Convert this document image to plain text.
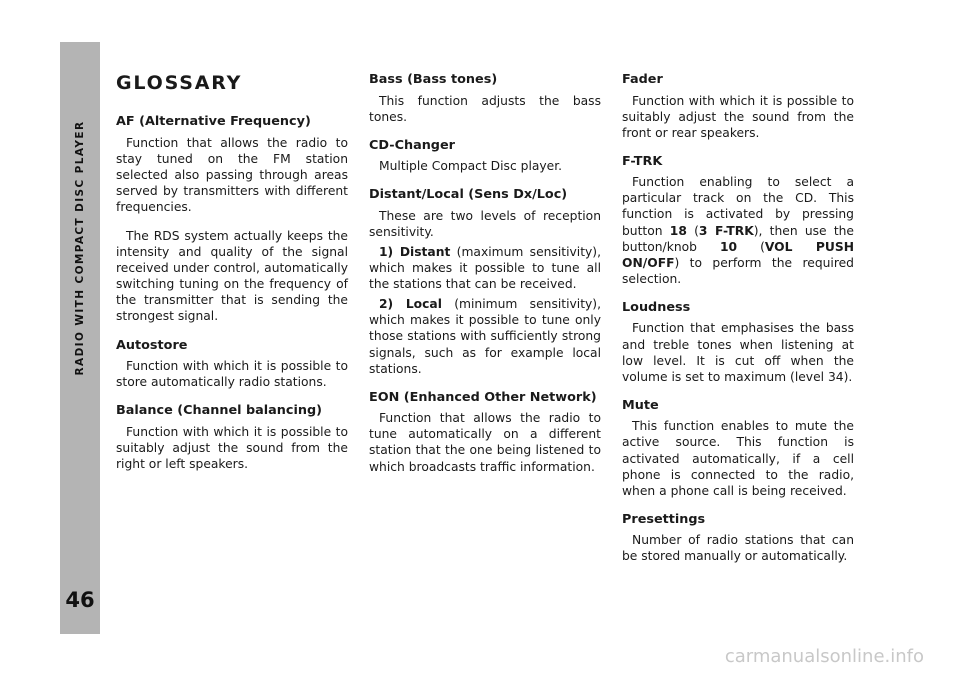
RADIO WITH COMPACT DISC PLAYER
46
GLOSSARY
AF (Alternative Frequency)

Function that allows the radio to stay tuned on the FM station selected also passing through areas served by transmitters with different frequencies.

The RDS system actually keeps the intensity and quality of the signal received under control, automatically switching tuning on the frequency of the transmitter that is sending the strongest signal.

Autostore

Function with which it is possible to store automatically radio stations.

Balance (Channel balancing)

Function with which it is possible to suitably adjust the sound from the right or left speakers.

Bass (Bass tones)

This function adjusts the bass tones.

CD-Changer

Multiple Compact Disc player.

Distant/Local (Sens Dx/Loc)

These are two levels of reception sensitivity.

1) Distant (maximum sensitivity), which makes it possible to tune all the stations that can be received.

2) Local (minimum sensitivity), which makes it possible to tune only those stations with sufficiently strong signals, such as for example local stations.

EON (Enhanced Other Network)

Function that allows the radio to tune automatically on a different station that the one being listened to which broadcasts traffic information.

Fader

Function with which it is possible to suitably adjust the sound from the front or rear speakers.

F-TRK

Function enabling to select a particular track on the CD. This function is activated by pressing button 18 (3 F-TRK), then use the button/knob 10 (VOL PUSH ON/OFF) to perform the required selection.

Loudness

Function that emphasises the bass and treble tones when listening at low level. It is cut off when the volume is set to maximum (level 34).

Mute

This function enables to mute the active source. This function is activated automatically, if a cell phone is connected to the radio, when a phone call is being received.

Presettings

Number of radio stations that can be stored manually or automatically.

carmanualsonline.info
